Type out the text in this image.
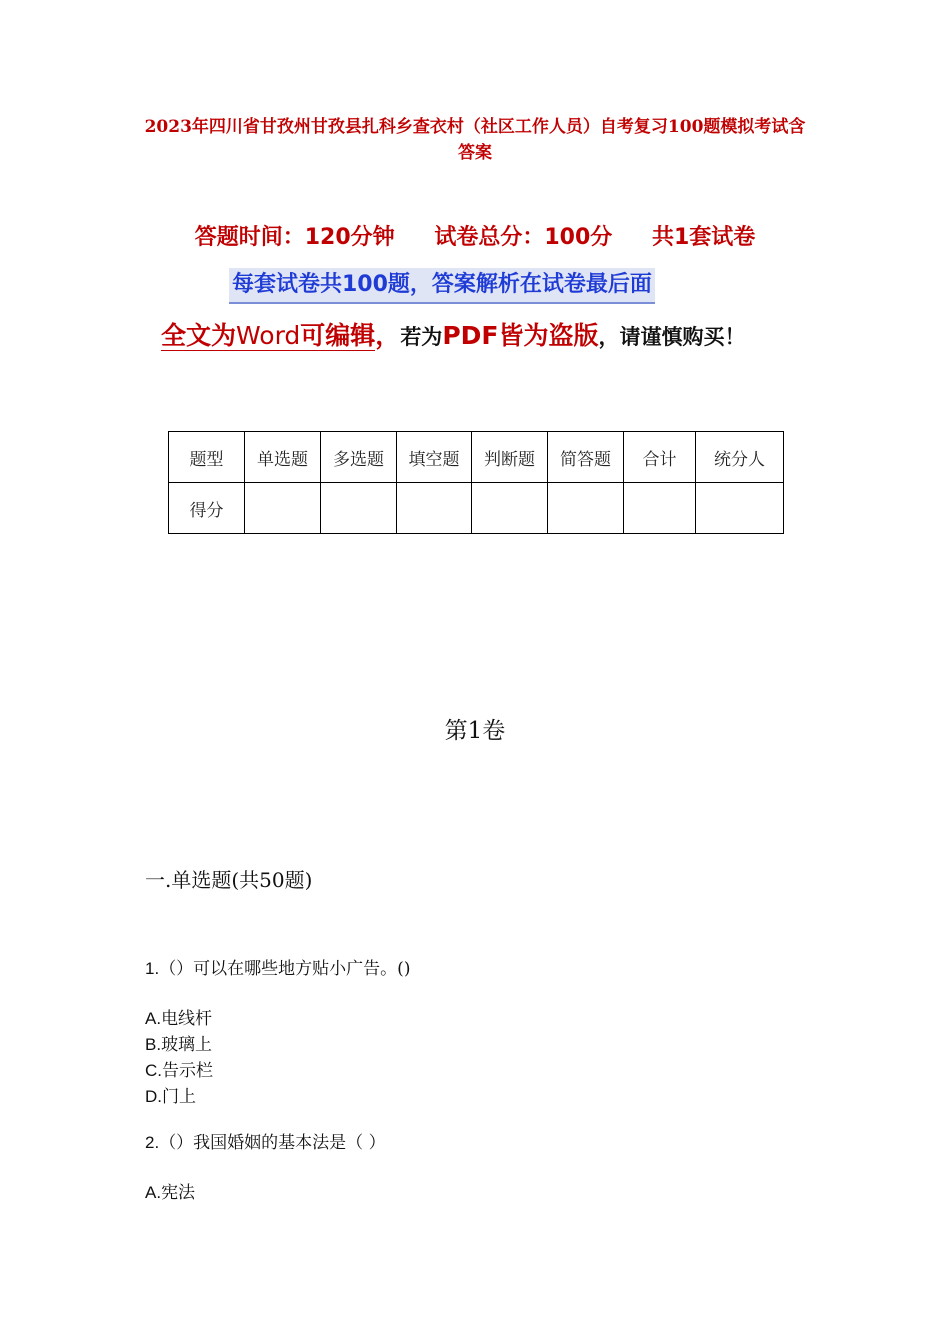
2023年四川省甘孜州甘孜县扎科乡查衣村（社区工作人员）自考复习100题模拟考试含答案
答题时间：120分钟 试卷总分：100分 共1套试卷
每套试卷共100题，答案解析在试卷最后面
全文为Word可编辑，若为PDF皆为盗版，请谨慎购买！
题型	单选题	多选题	填空题	判断题	简答题	合计	统分人
得分							
第1卷
一.单选题(共50题)
1.（）可以在哪些地方贴小广告。()
A.电线杆
B.玻璃上
C.告示栏
D.门上
2.（）我国婚姻的基本法是（ ）
A.宪法
